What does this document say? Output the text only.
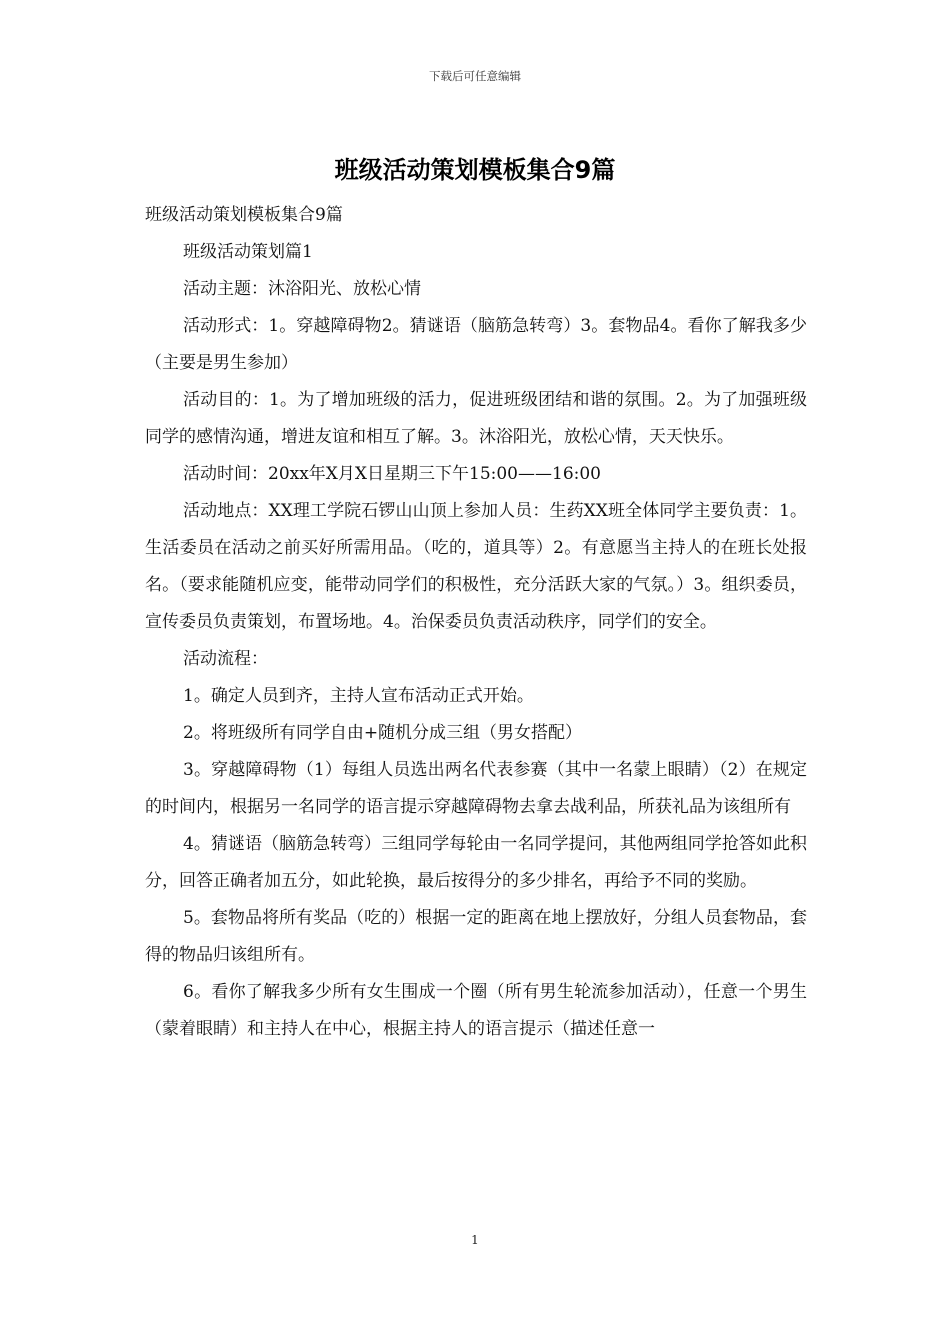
下载后可任意编辑
班级活动策划模板集合9篇

班级活动策划模板集合9篇

班级活动策划篇1

活动主题：沐浴阳光、放松心情

活动形式：1。穿越障碍物2。猜谜语（脑筋急转弯）3。套物品4。看你了解我多少（主要是男生参加）

活动目的：1。为了增加班级的活力，促进班级团结和谐的氛围。2。为了加强班级同学的感情沟通，增进友谊和相互了解。3。沐浴阳光，放松心情，天天快乐。

活动时间：20xx年X月X日星期三下午15:00——16:00

活动地点：XX理工学院石锣山山顶上参加人员：生药XX班全体同学主要负责：1。生活委员在活动之前买好所需用品。（吃的，道具等）2。有意愿当主持人的在班长处报名。（要求能随机应变，能带动同学们的积极性，充分活跃大家的气氛。）3。组织委员，宣传委员负责策划，布置场地。4。治保委员负责活动秩序，同学们的安全。

活动流程：

1。确定人员到齐，主持人宣布活动正式开始。

2。将班级所有同学自由+随机分成三组（男女搭配）

3。穿越障碍物（1）每组人员选出两名代表参赛（其中一名蒙上眼睛）（2）在规定的时间内，根据另一名同学的语言提示穿越障碍物去拿去战利品，所获礼品为该组所有

4。猜谜语（脑筋急转弯）三组同学每轮由一名同学提问，其他两组同学抢答如此积分，回答正确者加五分，如此轮换，最后按得分的多少排名，再给予不同的奖励。

5。套物品将所有奖品（吃的）根据一定的距离在地上摆放好，分组人员套物品，套得的物品归该组所有。

6。看你了解我多少所有女生围成一个圈（所有男生轮流参加活动），任意一个男生（蒙着眼睛）和主持人在中心，根据主持人的语言提示（描述任意一

1
